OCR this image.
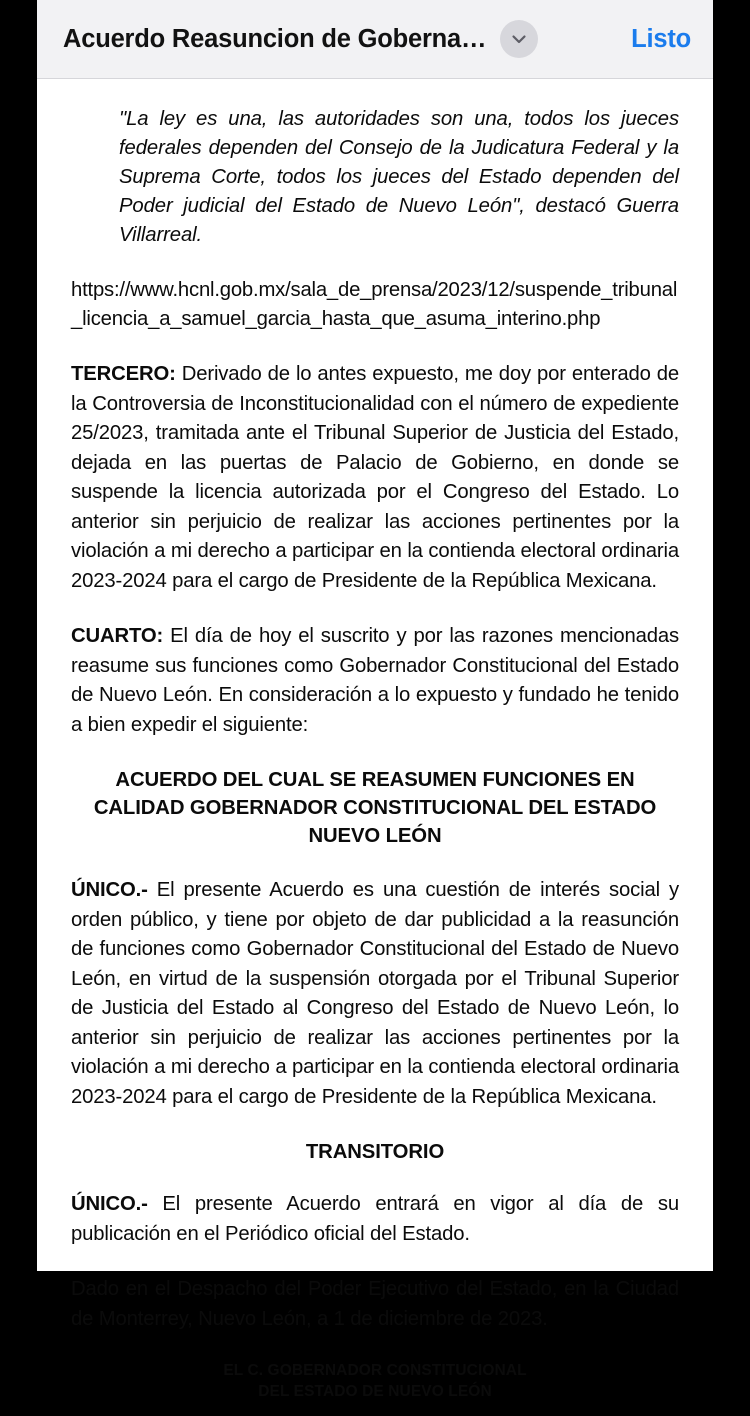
Acuerdo Reasuncion de Goberna…	Listo
"La ley es una, las autoridades son una, todos los jueces federales dependen del Consejo de la Judicatura Federal y la Suprema Corte, todos los jueces del Estado dependen del Poder judicial del Estado de Nuevo León", destacó Guerra Villarreal.
https://www.hcnl.gob.mx/sala_de_prensa/2023/12/suspende_tribunal_licencia_a_samuel_garcia_hasta_que_asuma_interino.php

TERCERO: Derivado de lo antes expuesto, me doy por enterado de la Controversia de Inconstitucionalidad con el número de expediente 25/2023, tramitada ante el Tribunal Superior de Justicia del Estado, dejada en las puertas de Palacio de Gobierno, en donde se suspende la licencia autorizada por el Congreso del Estado. Lo anterior sin perjuicio de realizar las acciones pertinentes por la violación a mi derecho a participar en la contienda electoral ordinaria 2023-2024 para el cargo de Presidente de la República Mexicana.

CUARTO: El día de hoy el suscrito y por las razones mencionadas reasume sus funciones como Gobernador Constitucional del Estado de Nuevo León. En consideración a lo expuesto y fundado he tenido a bien expedir el siguiente:

ACUERDO DEL CUAL SE REASUMEN FUNCIONES EN CALIDAD GOBERNADOR CONSTITUCIONAL DEL ESTADO NUEVO LEÓN

ÚNICO.- El presente Acuerdo es una cuestión de interés social y orden público, y tiene por objeto de dar publicidad a la reasunción de funciones como Gobernador Constitucional del Estado de Nuevo León, en virtud de la suspensión otorgada por el Tribunal Superior de Justicia del Estado al Congreso del Estado de Nuevo León, lo anterior sin perjuicio de realizar las acciones pertinentes por la violación a mi derecho a participar en la contienda electoral ordinaria 2023-2024 para el cargo de Presidente de la República Mexicana.

TRANSITORIO

ÚNICO.- El presente Acuerdo entrará en vigor al día de su publicación en el Periódico oficial del Estado.

Dado en el Despacho del Poder Ejecutivo del Estado, en la Ciudad de Monterrey, Nuevo León, a 1 de diciembre de 2023.

EL C. GOBERNADOR CONSTITUCIONAL
DEL ESTADO DE NUEVO LEÓN
